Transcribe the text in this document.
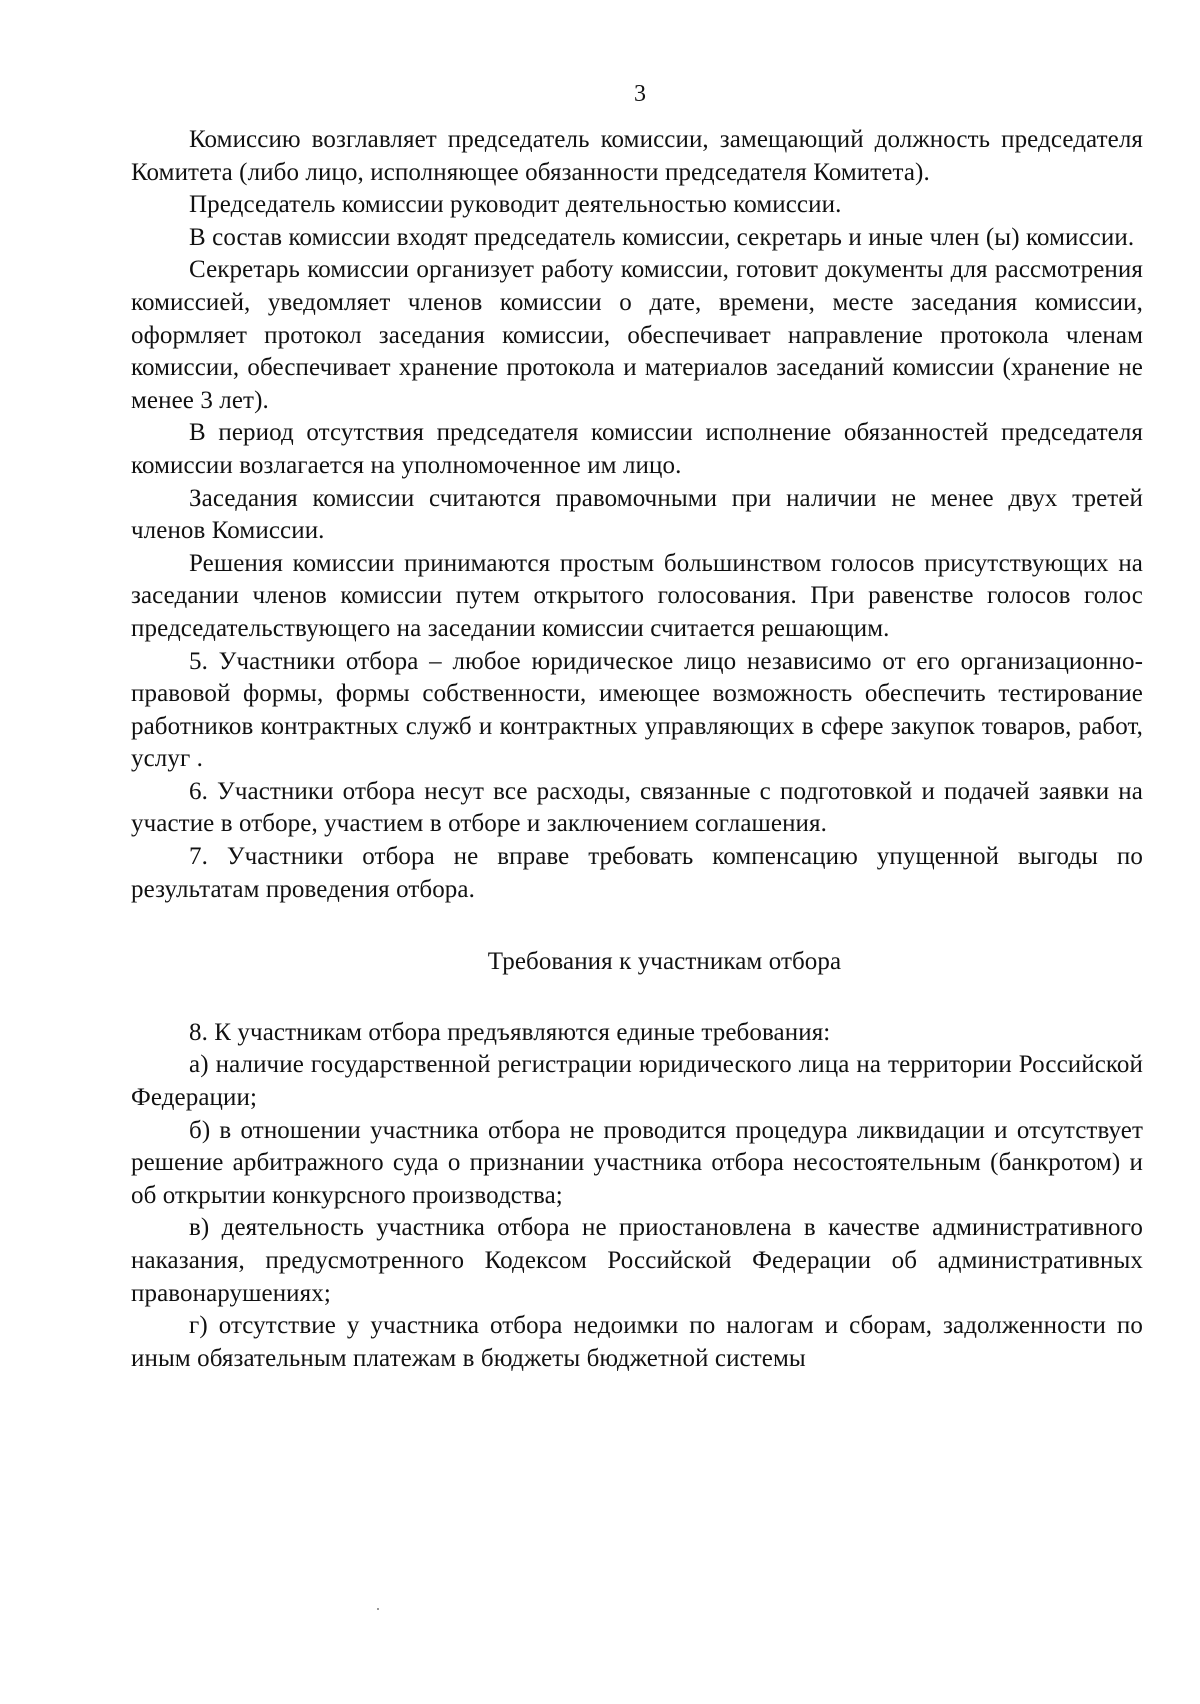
3

Комиссию возглавляет председатель комиссии, замещающий должность председателя Комитета (либо лицо, исполняющее обязанности председателя Комитета).

Председатель комиссии руководит деятельностью комиссии.

В состав комиссии входят председатель комиссии, секретарь и иные член (ы) комиссии.

Секретарь комиссии организует работу комиссии, готовит документы для рассмотрения комиссией, уведомляет членов комиссии о дате, времени, месте заседания комиссии, оформляет протокол заседания комиссии, обеспечивает направление протокола членам комиссии, обеспечивает хранение протокола и материалов заседаний комиссии (хранение не менее 3 лет).

В период отсутствия председателя комиссии исполнение обязанностей председателя комиссии возлагается на уполномоченное им лицо.

Заседания комиссии считаются правомочными при наличии не менее двух третей членов Комиссии.

Решения комиссии принимаются простым большинством голосов присутствующих на заседании членов комиссии путем открытого голосования. При равенстве голосов голос председательствующего на заседании комиссии считается решающим.

5. Участники отбора – любое юридическое лицо независимо от его организационно-правовой формы, формы собственности, имеющее возможность обеспечить тестирование работников контрактных служб и контрактных управляющих в сфере закупок товаров, работ, услуг .

6. Участники отбора несут все расходы, связанные с подготовкой и подачей заявки на участие в отборе, участием в отборе и заключением соглашения.

7. Участники отбора не вправе требовать компенсацию упущенной выгоды по результатам проведения отбора.

Требования к участникам отбора

8. К участникам отбора предъявляются единые требования:

а) наличие государственной регистрации юридического лица на территории Российской Федерации;

б) в отношении участника отбора не проводится процедура ликвидации и отсутствует решение арбитражного суда о признании участника отбора несостоятельным (банкротом) и об открытии конкурсного производства;

в) деятельность участника отбора не приостановлена в качестве административного наказания, предусмотренного Кодексом Российской Федерации об административных правонарушениях;

г) отсутствие у участника отбора недоимки по налогам и сборам, задолженности по иным обязательным платежам в бюджеты бюджетной системы
